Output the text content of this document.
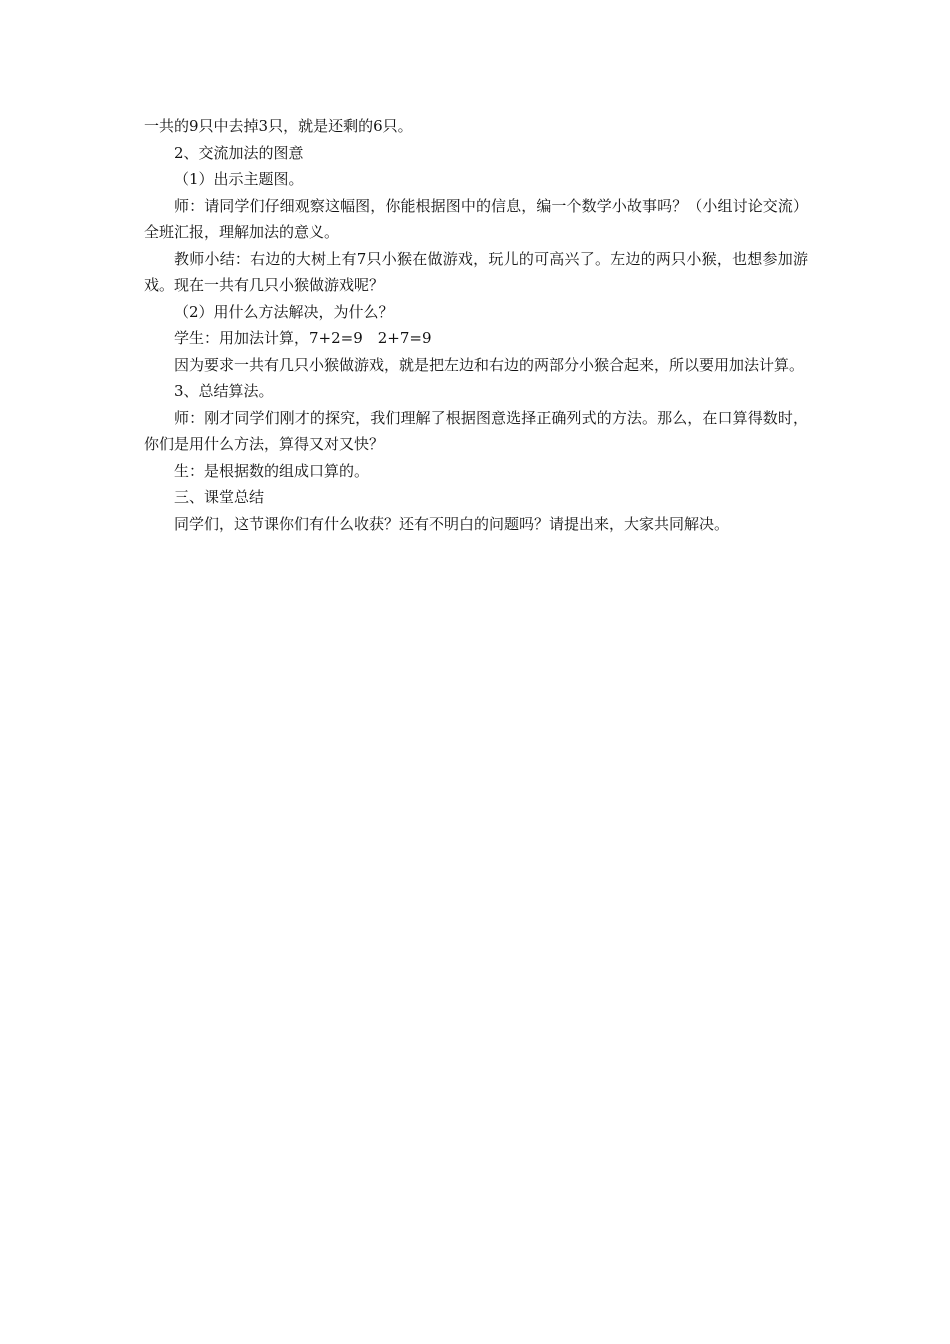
一共的9只中去掉3只，就是还剩的6只。

2、交流加法的图意

（1）出示主题图。

师：请同学们仔细观察这幅图，你能根据图中的信息，编一个数学小故事吗？（小组讨论交流）全班汇报，理解加法的意义。

教师小结：右边的大树上有7只小猴在做游戏，玩儿的可高兴了。左边的两只小猴，也想参加游戏。现在一共有几只小猴做游戏呢？

（2）用什么方法解决，为什么？

学生：用加法计算，7+2=9　2+7=9

因为要求一共有几只小猴做游戏，就是把左边和右边的两部分小猴合起来，所以要用加法计算。

3、总结算法。

师：刚才同学们刚才的探究，我们理解了根据图意选择正确列式的方法。那么，在口算得数时，你们是用什么方法，算得又对又快？

生：是根据数的组成口算的。

三、课堂总结

同学们，这节课你们有什么收获？还有不明白的问题吗？请提出来，大家共同解决。
